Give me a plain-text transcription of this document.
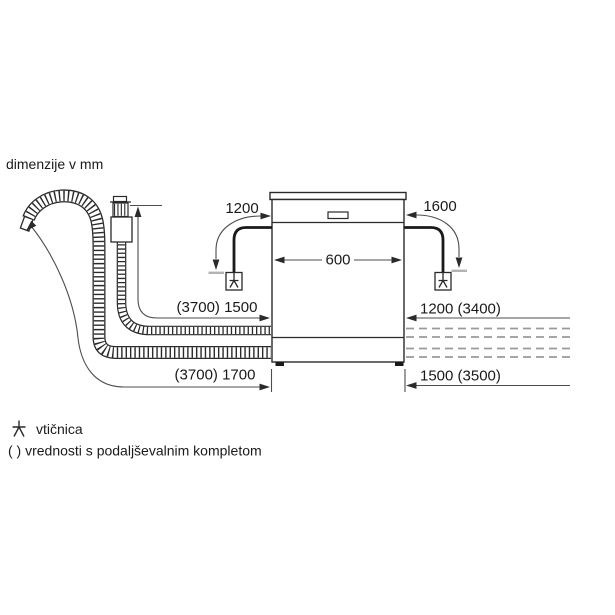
dimenzije v mm
1200	1600
600
(3700) 1500	1200 (3400)
(3700) 1700	1500 (3500)
vtičnica
( ) vrednosti s podaljševalnim kompletom
